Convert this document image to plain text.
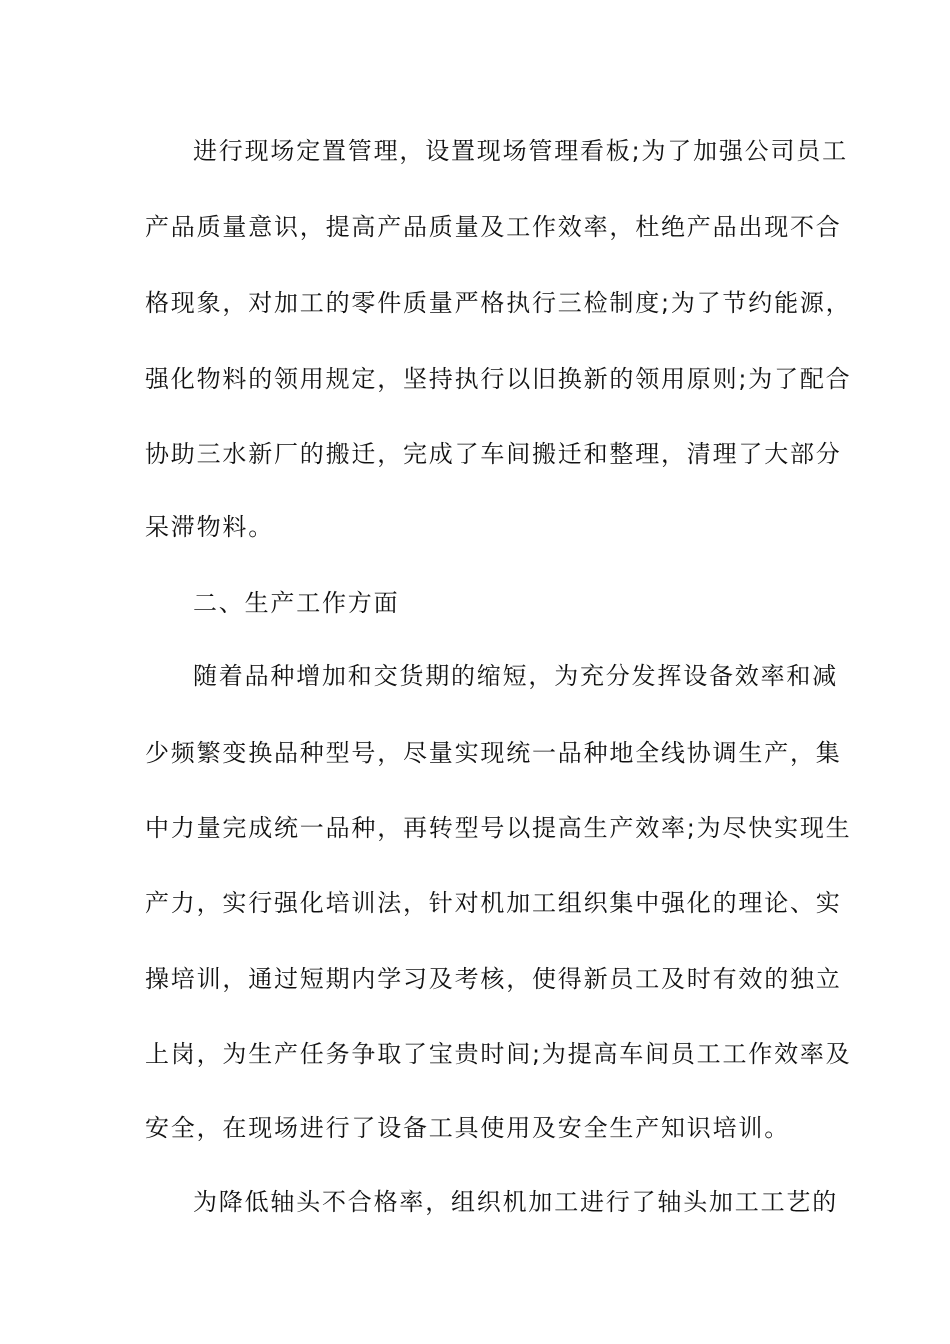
进行现场定置管理，设置现场管理看板;为了加强公司员工
产品质量意识，提高产品质量及工作效率，杜绝产品出现不合
格现象，对加工的零件质量严格执行三检制度;为了节约能源，
强化物料的领用规定，坚持执行以旧换新的领用原则;为了配合
协助三水新厂的搬迁，完成了车间搬迁和整理，清理了大部分
呆滞物料。
二、生产工作方面
随着品种增加和交货期的缩短，为充分发挥设备效率和减
少频繁变换品种型号，尽量实现统一品种地全线协调生产，集
中力量完成统一品种，再转型号以提高生产效率;为尽快实现生
产力，实行强化培训法，针对机加工组织集中强化的理论、实
操培训，通过短期内学习及考核，使得新员工及时有效的独立
上岗，为生产任务争取了宝贵时间;为提高车间员工工作效率及
安全，在现场进行了设备工具使用及安全生产知识培训。
为降低轴头不合格率，组织机加工进行了轴头加工工艺的
